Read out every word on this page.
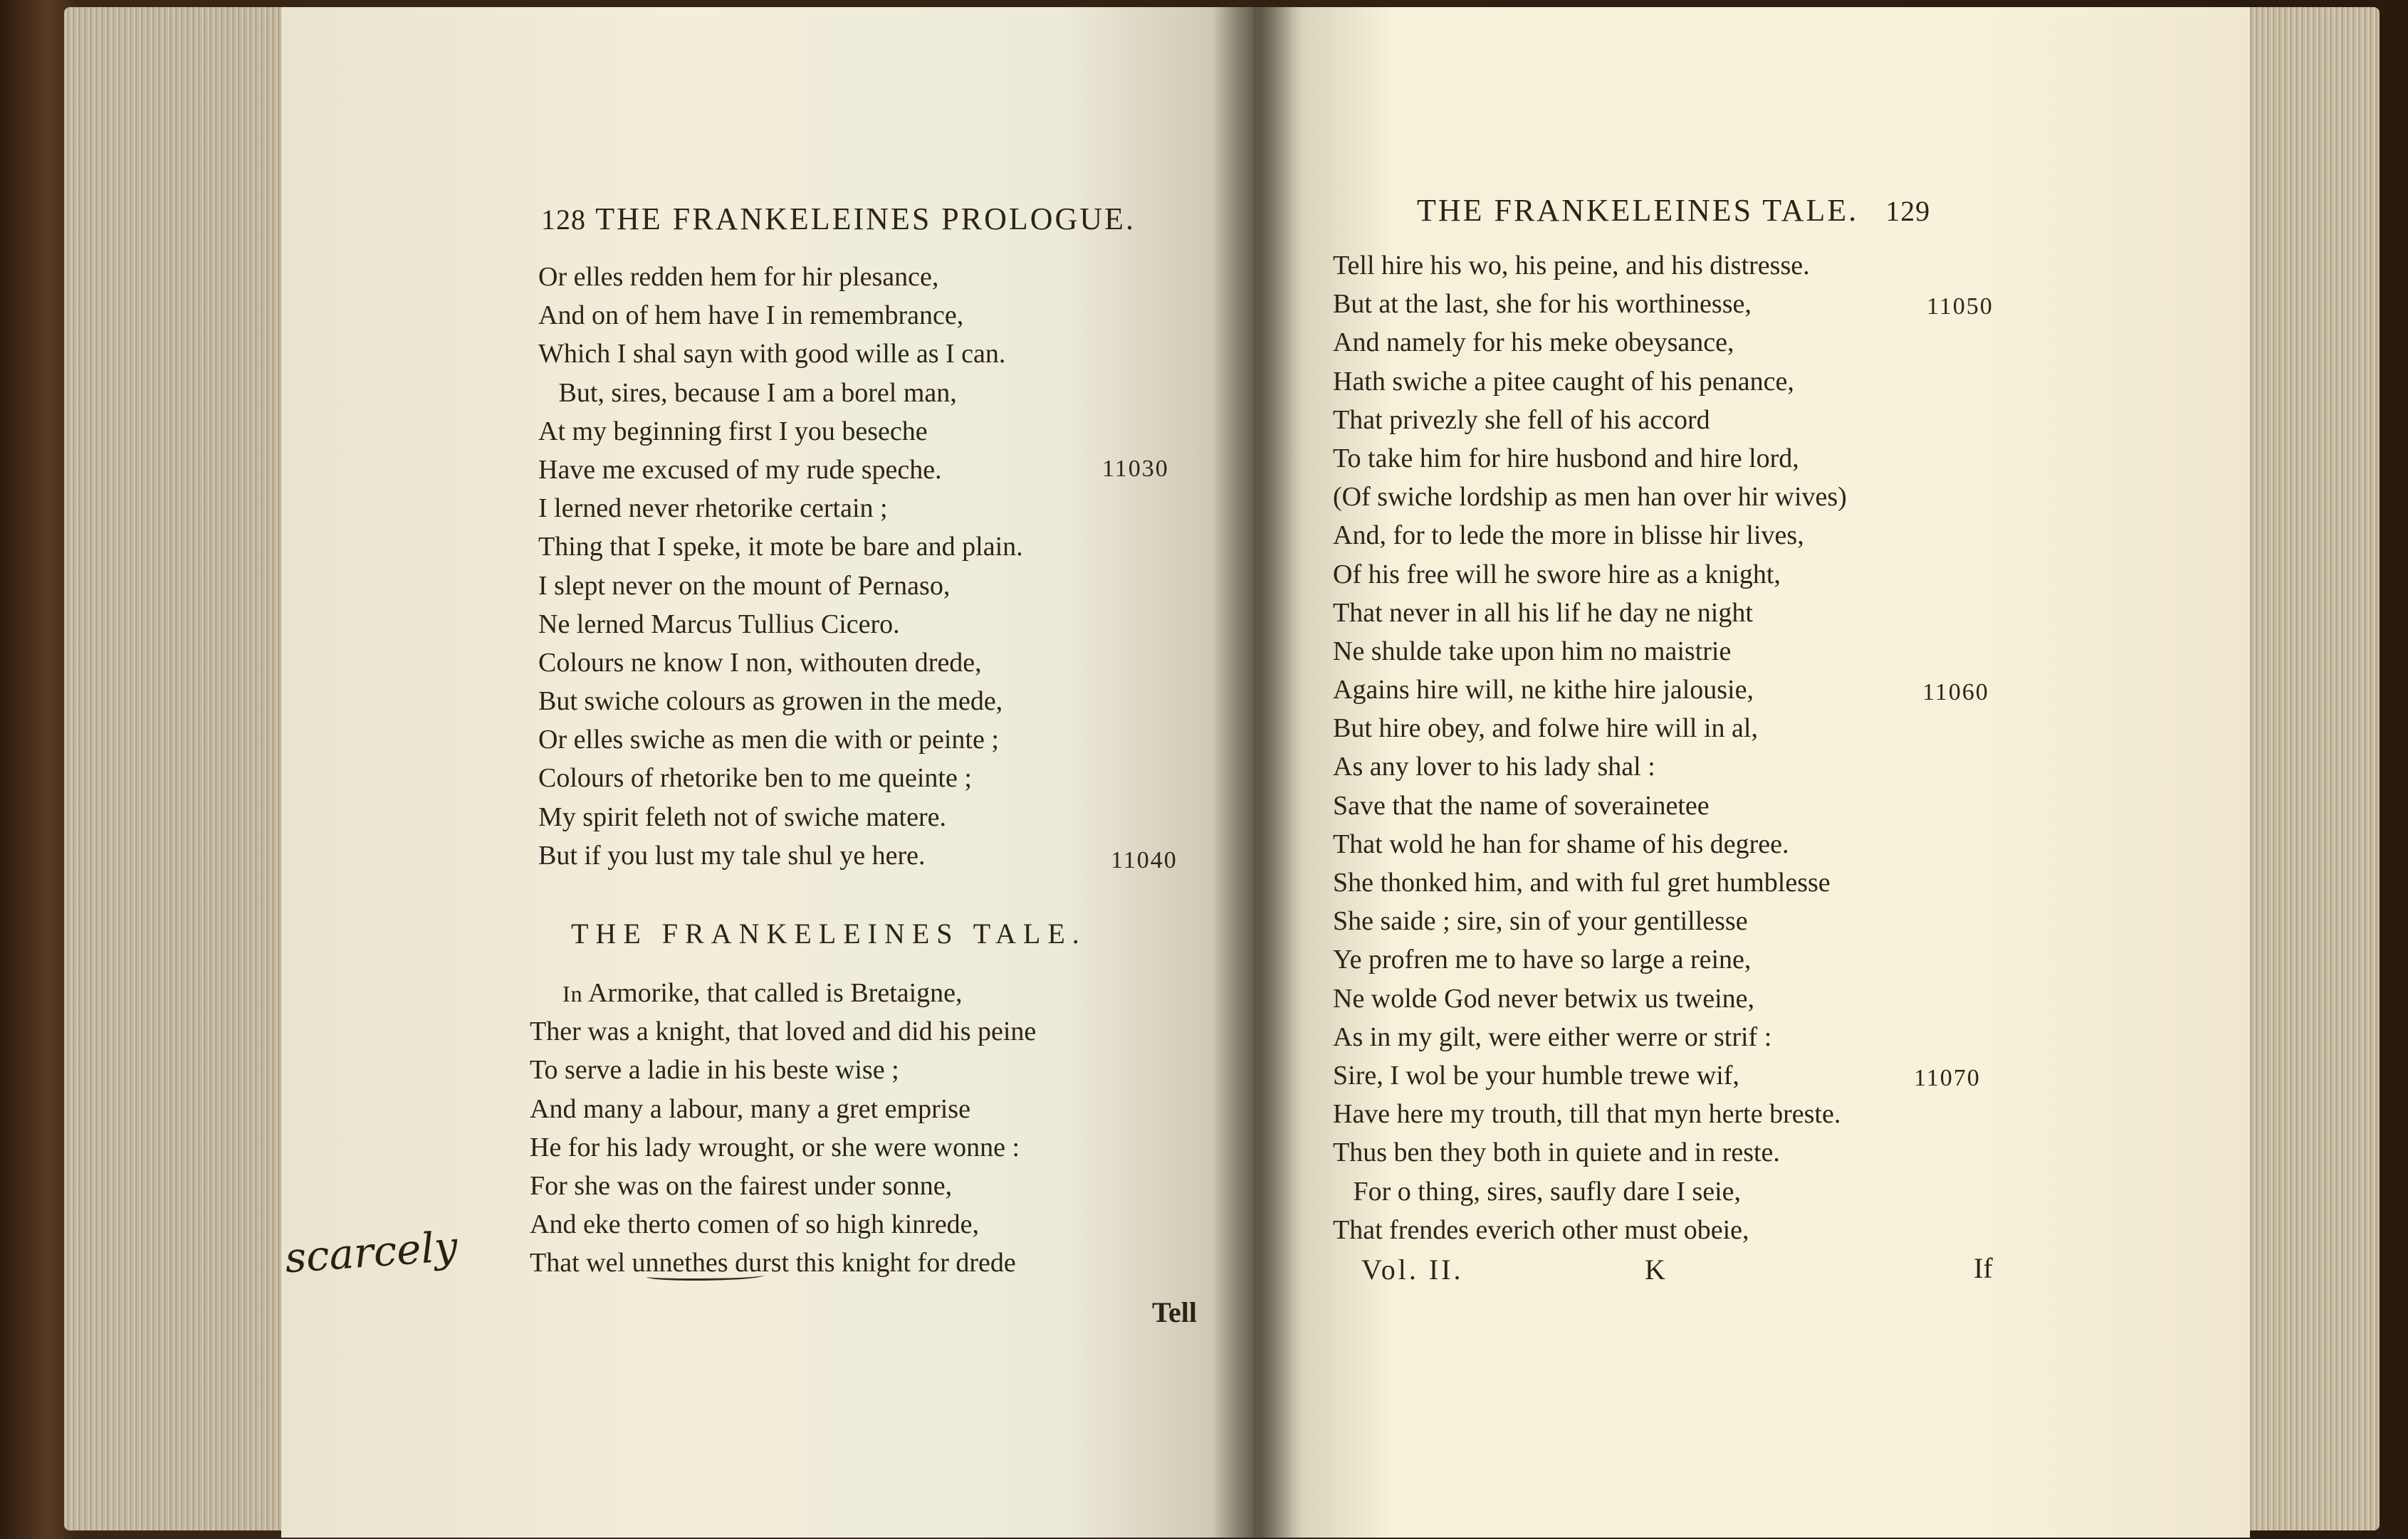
128 THE FRANKELEINES PROLOGUE.
Or elles redden hem for hir plesance,
And on of hem have I in remembrance,
Which I shal sayn with good wille as I can.
But, sires, because I am a borel man,
At my beginning first I you beseche
Have me excused of my rude speche.
I lerned never rhetorike certain ;
Thing that I speke, it mote be bare and plain.
I slept never on the mount of Pernaso,
Ne lerned Marcus Tullius Cicero.
Colours ne know I non, withouten drede,
But swiche colours as growen in the mede,
Or elles swiche as men die with or peinte ;
Colours of rhetorike ben to me queinte ;
My spirit feleth not of swiche matere.
But if you lust my tale shul ye here.
11030
11040
THE FRANKELEINES TALE.
In Armorike, that called is Bretaigne,
Ther was a knight, that loved and did his peine
To serve a ladie in his beste wise ;
And many a labour, many a gret emprise
He for his lady wrought, or she were wonne :
For she was on the fairest under sonne,
And eke therto comen of so high kinrede,
That wel unnethes durst this knight for drede
scarcely
Tell
THE FRANKELEINES TALE. 129
Tell hire his wo, his peine, and his distresse.
But at the last, she for his worthinesse,
And namely for his meke obeysance,
Hath swiche a pitee caught of his penance,
That privezly she fell of his accord
To take him for hire husbond and hire lord,
(Of swiche lordship as men han over hir wives)
And, for to lede the more in blisse hir lives,
Of his free will he swore hire as a knight,
That never in all his lif he day ne night
Ne shulde take upon him no maistrie
Agains hire will, ne kithe hire jalousie,
But hire obey, and folwe hire will in al,
As any lover to his lady shal :
Save that the name of soverainetee
That wold he han for shame of his degree.
She thonked him, and with ful gret humblesse
She saide ; sire, sin of your gentillesse
Ye profren me to have so large a reine,
Ne wolde God never betwix us tweine,
As in my gilt, were either werre or strif :
Sire, I wol be your humble trewe wif,
Have here my trouth, till that myn herte breste.
Thus ben they both in quiete and in reste.
For o thing, sires, saufly dare I seie,
That frendes everich other must obeie,
11050
11060
11070
Vol. II.	K	If
